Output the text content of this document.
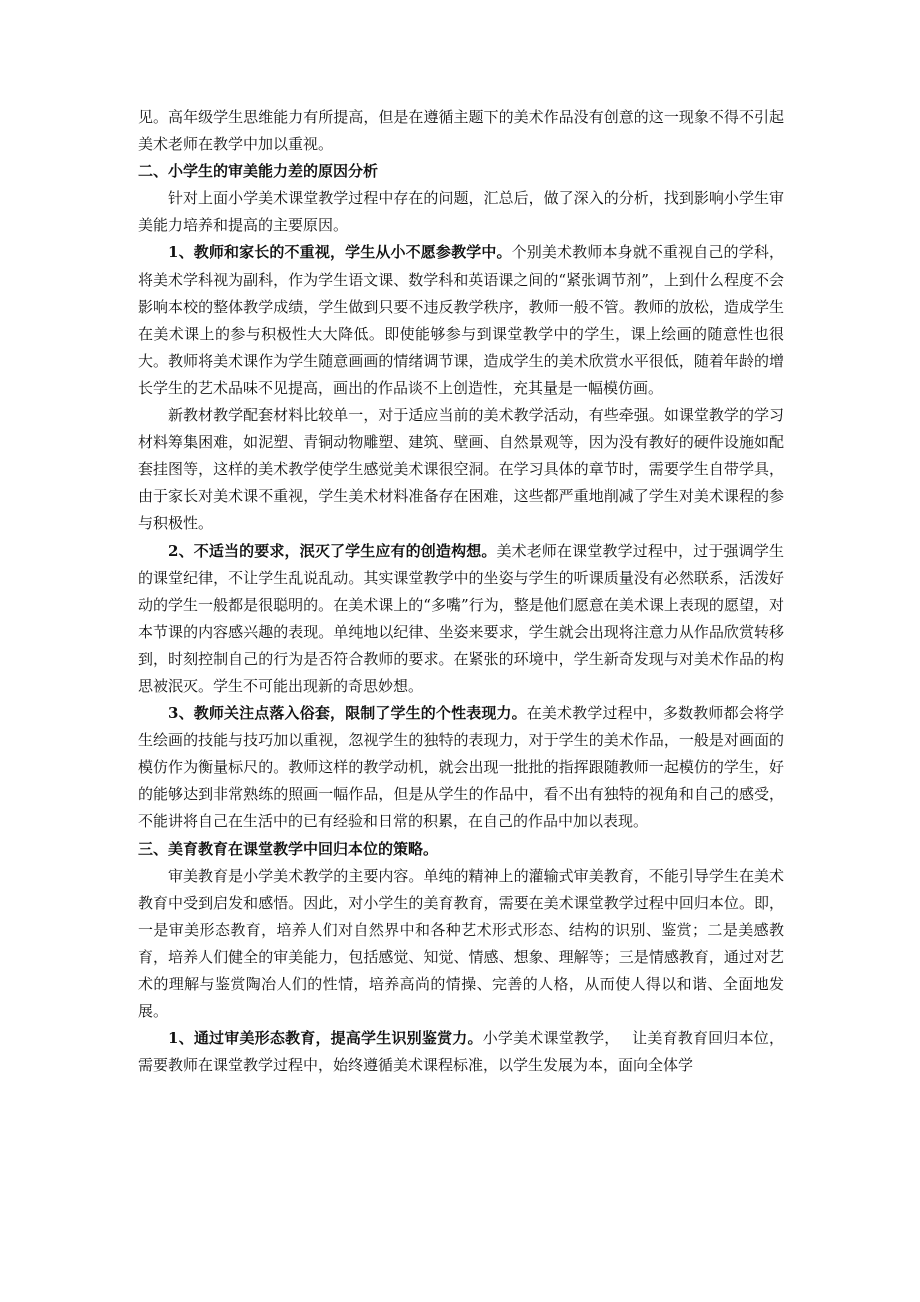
见。高年级学生思维能力有所提高，但是在遵循主题下的美术作品没有创意的这一现象不得不引起美术老师在教学中加以重视。

二、小学生的审美能力差的原因分析

针对上面小学美术课堂教学过程中存在的问题，汇总后，做了深入的分析，找到影响小学生审美能力培养和提高的主要原因。

1、教师和家长的不重视，学生从小不愿参教学中。个别美术教师本身就不重视自己的学科，将美术学科视为副科，作为学生语文课、数学科和英语课之间的“紧张调节剂”，上到什么程度不会影响本校的整体教学成绩，学生做到只要不违反教学秩序，教师一般不管。教师的放松，造成学生在美术课上的参与积极性大大降低。即使能够参与到课堂教学中的学生，课上绘画的随意性也很大。教师将美术课作为学生随意画画的情绪调节课，造成学生的美术欣赏水平很低，随着年龄的增长学生的艺术品味不见提高，画出的作品谈不上创造性，充其量是一幅模仿画。

新教材教学配套材料比较单一，对于适应当前的美术教学活动，有些牵强。如课堂教学的学习材料筹集困难，如泥塑、青铜动物雕塑、建筑、壁画、自然景观等，因为没有教好的硬件设施如配套挂图等，这样的美术教学使学生感觉美术课很空洞。在学习具体的章节时，需要学生自带学具，由于家长对美术课不重视，学生美术材料准备存在困难，这些都严重地削减了学生对美术课程的参与积极性。

2、不适当的要求，泯灭了学生应有的创造构想。美术老师在课堂教学过程中，过于强调学生的课堂纪律，不让学生乱说乱动。其实课堂教学中的坐姿与学生的听课质量没有必然联系，活泼好动的学生一般都是很聪明的。在美术课上的“多嘴”行为，整是他们愿意在美术课上表现的愿望，对本节课的内容感兴趣的表现。单纯地以纪律、坐姿来要求，学生就会出现将注意力从作品欣赏转移到，时刻控制自己的行为是否符合教师的要求。在紧张的环境中，学生新奇发现与对美术作品的构思被泯灭。学生不可能出现新的奇思妙想。

3、教师关注点落入俗套，限制了学生的个性表现力。在美术教学过程中，多数教师都会将学生绘画的技能与技巧加以重视，忽视学生的独特的表现力，对于学生的美术作品，一般是对画面的模仿作为衡量标尺的。教师这样的教学动机，就会出现一批批的指挥跟随教师一起模仿的学生，好的能够达到非常熟练的照画一幅作品，但是从学生的作品中，看不出有独特的视角和自己的感受，不能讲将自己在生活中的已有经验和日常的积累，在自己的作品中加以表现。

三、美育教育在课堂教学中回归本位的策略。

审美教育是小学美术教学的主要内容。单纯的精神上的灌输式审美教育，不能引导学生在美术教育中受到启发和感悟。因此，对小学生的美育教育，需要在美术课堂教学过程中回归本位。即，一是审美形态教育，培养人们对自然界中和各种艺术形式形态、结构的识别、鉴赏；二是美感教育，培养人们健全的审美能力，包括感觉、知觉、情感、想象、理解等；三是情感教育，通过对艺术的理解与鉴赏陶冶人们的性情，培养高尚的情操、完善的人格，从而使人得以和谐、全面地发展。

1、通过审美形态教育，提高学生识别鉴赏力。小学美术课堂教学，　 让美育教育回归本位，需要教师在课堂教学过程中，始终遵循美术课程标准，以学生发展为本，面向全体学
